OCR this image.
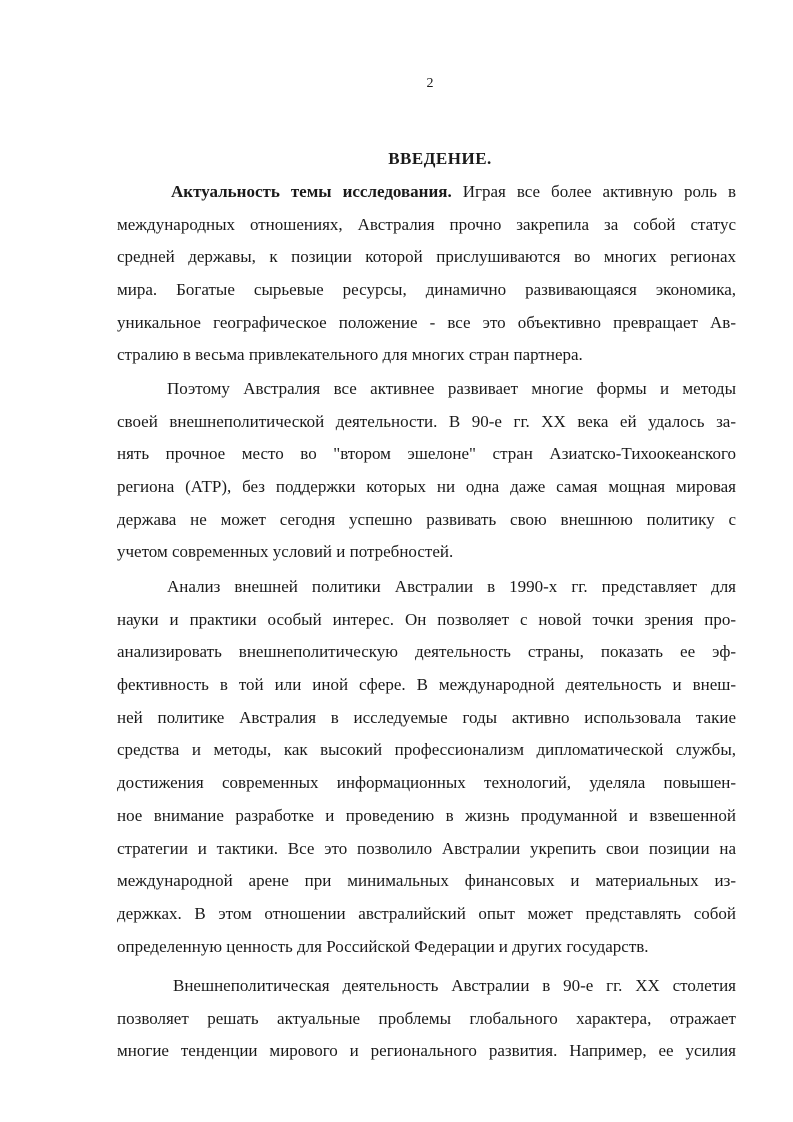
2
ВВЕДЕНИЕ.
Актуальность темы исследования. Играя все более активную роль в
международных отношениях, Австралия прочно закрепила за собой статус
средней державы, к позиции которой прислушиваются во многих регионах
мира. Богатые сырьевые ресурсы, динамично развивающаяся экономика,
уникальное географическое положение - все это объективно превращает Ав-
стралию в весьма привлекательного для многих стран партнера.
Поэтому Австралия все активнее развивает многие формы и методы
своей внешнеполитической деятельности. В 90-е гг. XX века ей удалось за-
нять прочное место во "втором эшелоне" стран Азиатско-Тихоокеанского
региона (АТР), без поддержки которых ни одна даже самая мощная мировая
держава не может сегодня успешно развивать свою внешнюю политику с
учетом современных условий и потребностей.
Анализ внешней политики Австралии в 1990-х гг. представляет для
науки и практики особый интерес. Он позволяет с новой точки зрения про-
анализировать внешнеполитическую деятельность страны, показать ее эф-
фективность в той или иной сфере. В международной деятельность и внеш-
ней политике Австралия в исследуемые годы активно использовала такие
средства и методы, как высокий профессионализм дипломатической службы,
достижения современных информационных технологий, уделяла повышен-
ное внимание разработке и проведению в жизнь продуманной и взвешенной
стратегии и тактики. Все это позволило Австралии укрепить свои позиции на
международной арене при минимальных финансовых и материальных из-
держках. В этом отношении австралийский опыт может представлять собой
определенную ценность для Российской Федерации и других государств.
Внешнеполитическая деятельность Австралии в 90-е гг. XX столетия
позволяет решать актуальные проблемы глобального характера, отражает
многие тенденции мирового и регионального развития. Например, ее усилия
